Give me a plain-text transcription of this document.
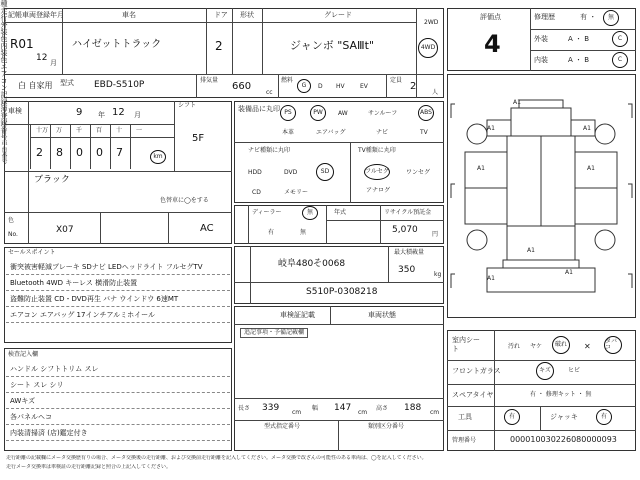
記帳車両登録年月	車名	ドア 形状	グレード
2WD
R01
12 月
ハイゼットトラック	2	ジャンボ "SAⅢt"	4WD
種
白 自家用 型式 EBD-S510P	排気量
660
cc
燃料
G D HV	EV
定員
2
人
評価点
4
修理歴	有 ・ 無
外装	A ・ B	C
内装	A ・ B	C
車検	9 年 12 月
シフト
5F
走行
十万 万 千 百 十 一
2 8 0 0 7	km
外装色
ブラック
色替車に◯をする
色
No.	X07
内装色
エアコン
AC
セールスポイント
衝突被害軽減ブレーキ SDナビ LEDヘッドライト フルセグTV
Bluetooth 4WD キーレス 横滑防止装置
盗難防止装置 CD・DVD再生 バナ ウインドウ 6速MT
エアコン エアバッグ 17インチアルミホイール
検査記入欄
ハンドル シフトトリム スレ
シート スレ シリ
AWキズ
各パネルヘコ
内装清掃済 (店)鑑定付き
装備品に丸印 PS	PW	AW	サンルーフ	ABS
本革	エアバッグ	ナビ	TV
ナビ種類に丸印
HDD	DVD	SD
CD	メモリー
TV種類に丸印
フルセグ	ワンセグ
アナログ
記録簿
ディーラー	無
有	無
年式	リサイクル預託金
5,070 円
登録番号
岐阜480そ0068
最大積載量
350	kg
車台番号
S510P-0308218
車検証記載	車両状態
追記事項・予備記載欄
長さ 339 cm
幅 147 cm
高さ 188 cm
型式指定番号	類別区分番号
A1
A1	A1
A1	A1
A1
A1
A1
室内シート	汚れ ヤケ 破れ	タバコ
✕
フロントガラス	キズ	ヒビ
スペアタイヤ	有 ・ 修理キット ・ 無
工具	有	ジャッキ	有
管理番号	000010030226080000093
走行距離の記載欄にメータ交換歴有りの場合、メータ交換後の走行距離、および交換前走行距離を記入してください。メータ交換で改ざんの可能性のある車両は、◯を記入してください。
走行メータ交換車は車検証の走行距離記録と照合の上記入してください。
